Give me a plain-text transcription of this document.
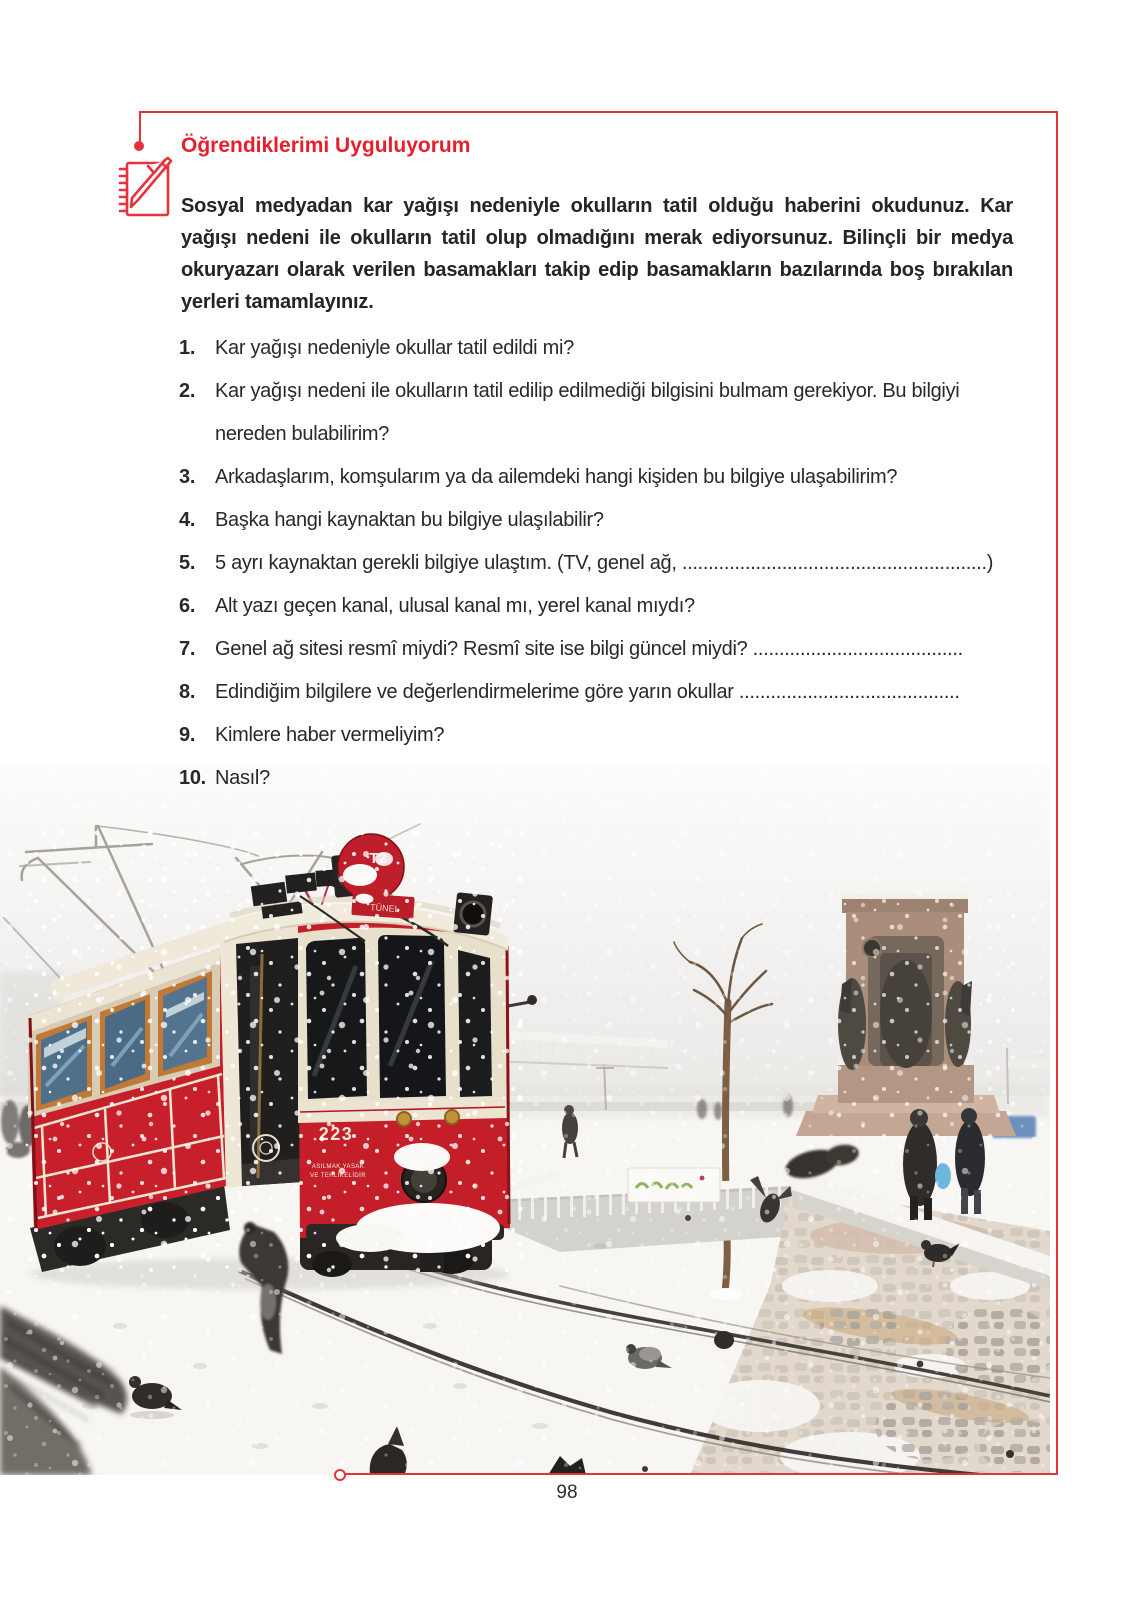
Öğrendiklerimi Uyguluyorum

Sosyal medyadan kar yağışı nedeniyle okulların tatil olduğu haberini okudunuz. Kar yağışı nedeni ile okulların tatil olup olmadığını merak ediyorsunuz. Bilinçli bir medya okuryazarı olarak verilen basamakları takip edip basamakların bazılarında boş bırakılan yerleri tamamlayınız.

1. Kar yağışı nedeniyle okullar tatil edildi mi?
2. Kar yağışı nedeni ile okulların tatil edilip edilmediği bilgisini bulmam gerekiyor. Bu bilgiyi nereden bulabilirim?
3. Arkadaşlarım, komşularım ya da ailemdeki hangi kişiden bu bilgiye ulaşabilirim?
4. Başka hangi kaynaktan bu bilgiye ulaşılabilir?
5. 5 ayrı kaynaktan gerekli bilgiye ulaştım. (TV, genel ağ, ..........................................................)
6. Alt yazı geçen kanal, ulusal kanal mı, yerel kanal mıydı?
7. Genel ağ sitesi resmî miydi? Resmî site ise bilgi güncel miydi? ........................................
8. Edindiğim bilgilere ve değerlendirmelerime göre yarın okullar ..........................................
9. Kimlere haber vermeliyim?
10. Nasıl?
98
